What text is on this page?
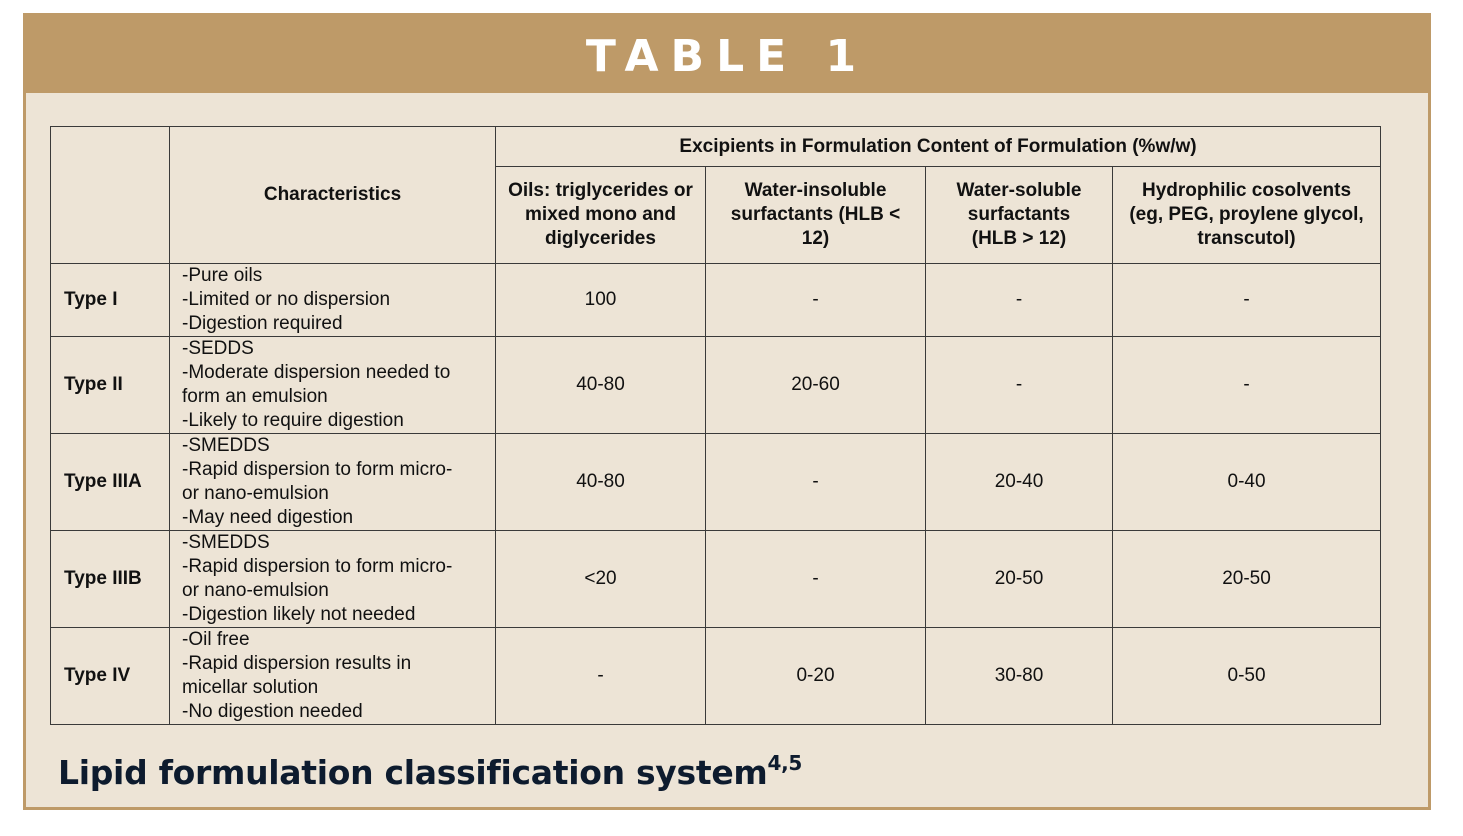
TABLE 1
	Characteristics	Excipients in Formulation Content of Formulation (%w/w)			
		Oils: triglycerides or mixed mono and diglycerides	Water-insoluble surfactants (HLB < 12)	Water-soluble surfactants (HLB > 12)	Hydrophilic cosolvents (eg, PEG, proylene glycol, transcutol)
Type I	-Pure oils
-Limited or no dispersion
-Digestion required	100	-	-	-
Type II	-SEDDS
-Moderate dispersion needed to
form an emulsion
-Likely to require digestion	40-80	20-60	-	-
Type IIIA	-SMEDDS
-Rapid dispersion to form micro-
or nano-emulsion
-May need digestion	40-80	-	20-40	0-40
Type IIIB	-SMEDDS
-Rapid dispersion to form micro-
or nano-emulsion
-Digestion likely not needed	<20	-	20-50	20-50
Type IV	-Oil free
-Rapid dispersion results in
micellar solution
-No digestion needed	-	0-20	30-80	0-50
Lipid formulation classification system$^{4,5}$
